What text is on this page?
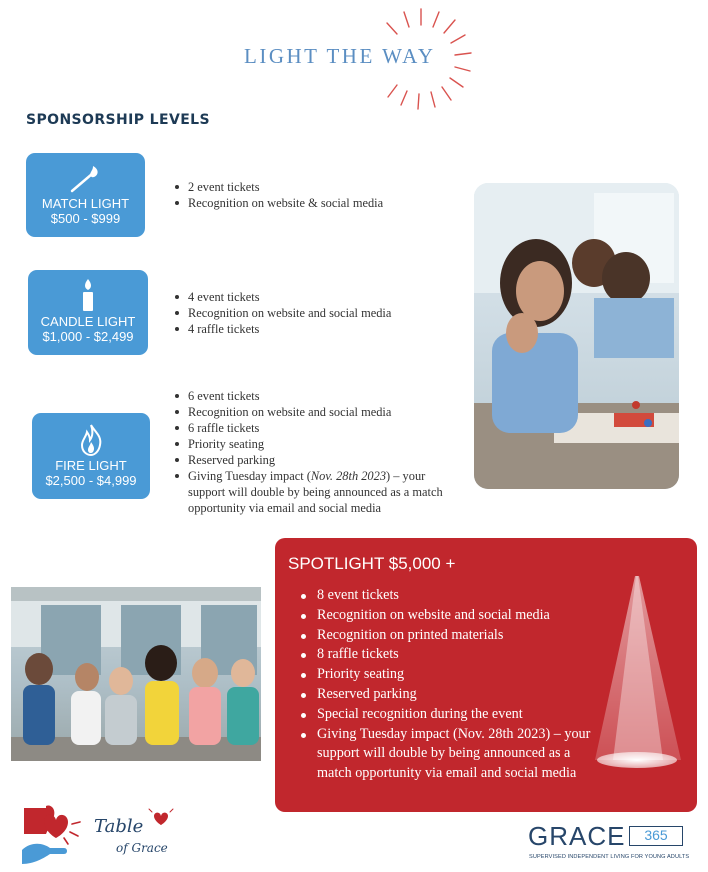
LIGHT THE WAY
SPONSORSHIP LEVELS
MATCH LIGHT
$500 - $999
2 event tickets
Recognition on website & social media
CANDLE LIGHT
$1,000 - $2,499
4 event tickets
Recognition on website and social media
4 raffle tickets
FIRE LIGHT
$2,500 - $4,999
6 event tickets
Recognition on website and social media
6 raffle tickets
Priority seating
Reserved parking
Giving Tuesday impact (Nov. 28th 2023) – your support will double by being announced as a match opportunity via email and social media
SPOTLIGHT $5,000 +
8 event tickets
Recognition on website and social media
Recognition on printed materials
8 raffle tickets
Priority seating
Reserved parking
Special recognition during the event
Giving Tuesday impact (Nov. 28th 2023) – your support will double by being announced as a match opportunity via email and social media
Table
of Grace	GRACE	365
SUPERVISED INDEPENDENT LIVING FOR YOUNG ADULTS
